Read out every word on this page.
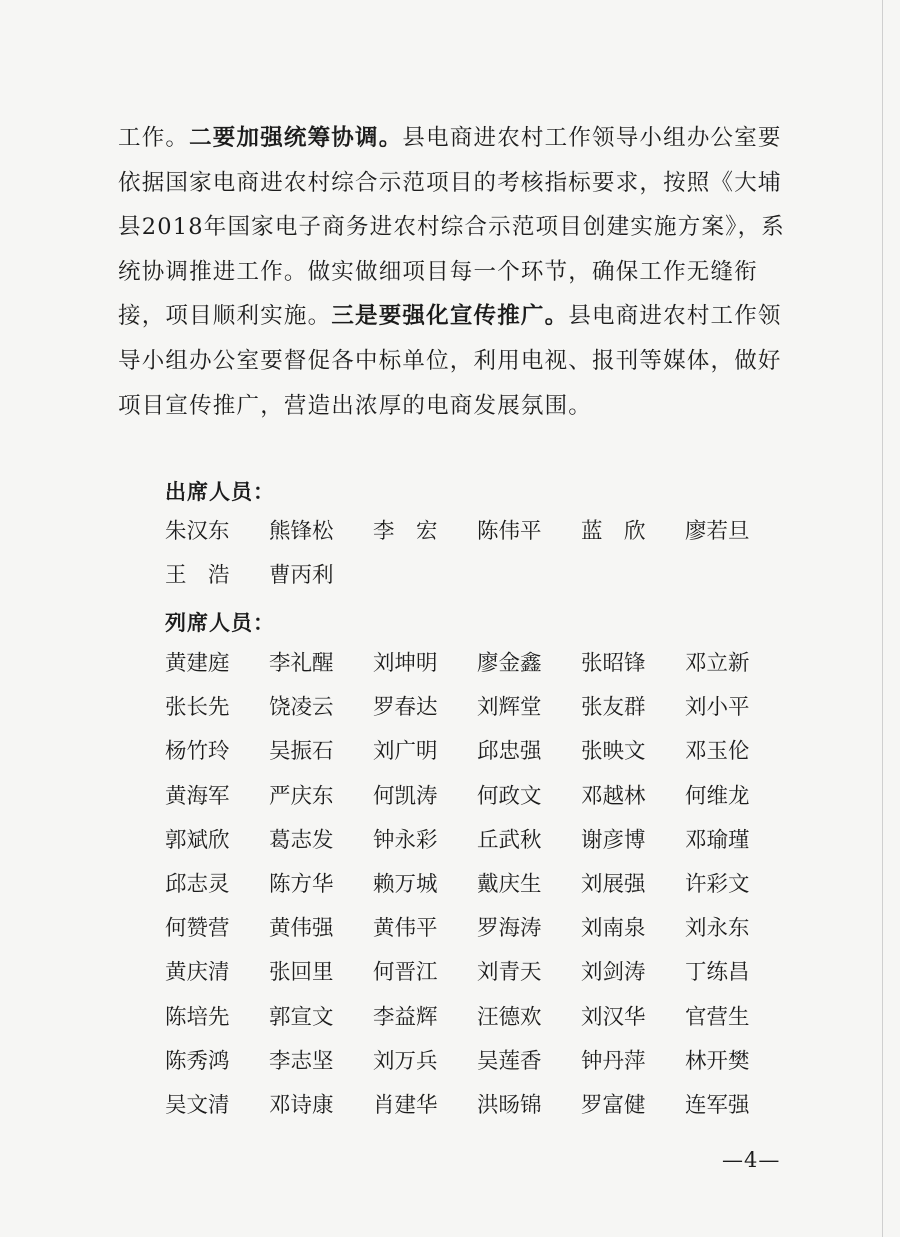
工作。二要加强统筹协调。县电商进农村工作领导小组办公室要依据国家电商进农村综合示范项目的考核指标要求，按照《大埔县2018年国家电子商务进农村综合示范项目创建实施方案》，系统协调推进工作。做实做细项目每一个环节，确保工作无缝衔接，项目顺利实施。三是要强化宣传推广。县电商进农村工作领导小组办公室要督促各中标单位，利用电视、报刊等媒体，做好项目宣传推广，营造出浓厚的电商发展氛围。

出席人员：
朱汉东	熊锋松	李　宏	陈伟平	蓝　欣	廖若旦
王　浩	曹丙利
列席人员：
黄建庭	李礼醒	刘坤明	廖金鑫	张昭锋	邓立新
张长先	饶凌云	罗春达	刘辉堂	张友群	刘小平
杨竹玲	吴振石	刘广明	邱忠强	张映文	邓玉伦
黄海军	严庆东	何凯涛	何政文	邓越林	何维龙
郭斌欣	葛志发	钟永彩	丘武秋	谢彦博	邓瑜瑾
邱志灵	陈方华	赖万城	戴庆生	刘展强	许彩文
何赞营	黄伟强	黄伟平	罗海涛	刘南泉	刘永东
黄庆清	张回里	何晋江	刘青天	刘剑涛	丁练昌
陈培先	郭宣文	李益辉	汪德欢	刘汉华	官营生
陈秀鸿	李志坚	刘万兵	吴莲香	钟丹萍	林开樊
吴文清	邓诗康	肖建华	洪旸锦	罗富健	连军强
—4—
